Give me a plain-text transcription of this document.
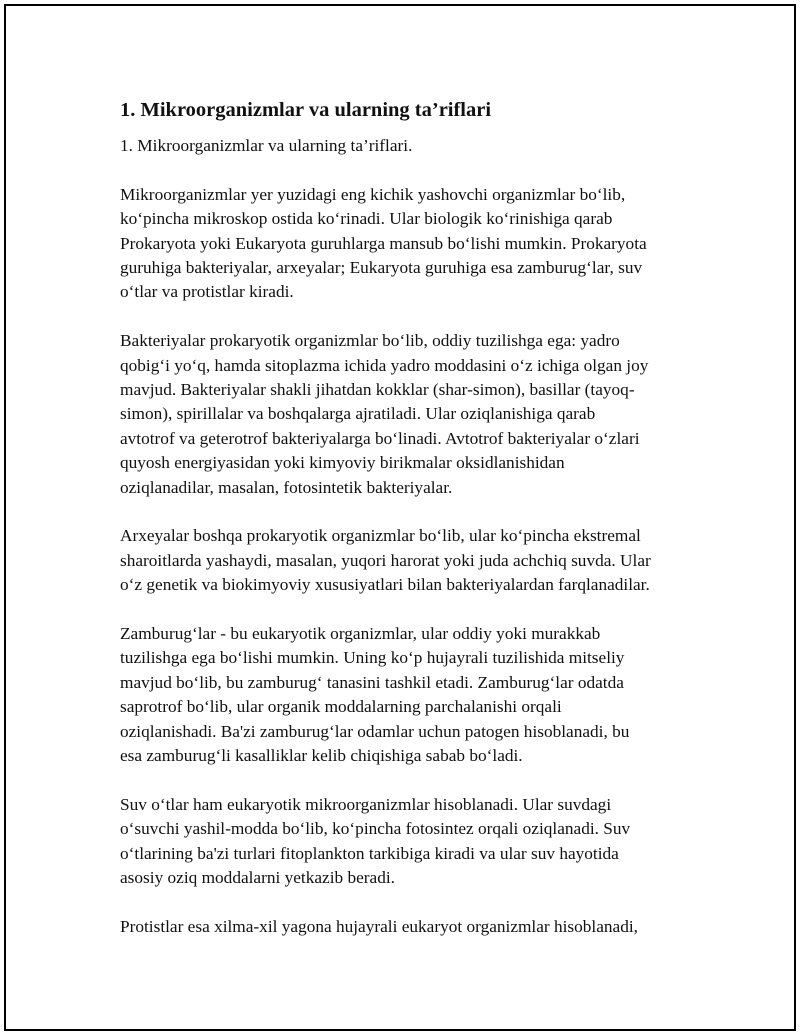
1. Mikroorganizmlar va ularning ta’riflari
1. Mikroorganizmlar va ularning ta’riflari.
Mikroorganizmlar yer yuzidagi eng kichik yashovchi organizmlar bo‘lib,
ko‘pincha mikroskop ostida ko‘rinadi. Ular biologik ko‘rinishiga qarab
Prokaryota yoki Eukaryota guruhlarga mansub bo‘lishi mumkin. Prokaryota
guruhiga bakteriyalar, arxeyalar; Eukaryota guruhiga esa zamburug‘lar, suv
o‘tlar va protistlar kiradi.
Bakteriyalar prokaryotik organizmlar bo‘lib, oddiy tuzilishga ega: yadro
qobig‘i yo‘q, hamda sitoplazma ichida yadro moddasini o‘z ichiga olgan joy
mavjud. Bakteriyalar shakli jihatdan kokklar (shar-simon), basillar (tayoq-
simon), spirillalar va boshqalarga ajratiladi. Ular oziqlanishiga qarab
avtotrof va geterotrof bakteriyalarga bo‘linadi. Avtotrof bakteriyalar o‘zlari
quyosh energiyasidan yoki kimyoviy birikmalar oksidlanishidan
oziqlanadilar, masalan, fotosintetik bakteriyalar.
Arxeyalar boshqa prokaryotik organizmlar bo‘lib, ular ko‘pincha ekstremal
sharoitlarda yashaydi, masalan, yuqori harorat yoki juda achchiq suvda. Ular
o‘z genetik va biokimyoviy xususiyatlari bilan bakteriyalardan farqlanadilar.
Zamburug‘lar - bu eukaryotik organizmlar, ular oddiy yoki murakkab
tuzilishga ega bo‘lishi mumkin. Uning ko‘p hujayrali tuzilishida mitseliy
mavjud bo‘lib, bu zamburug‘ tanasini tashkil etadi. Zamburug‘lar odatda
saprotrof bo‘lib, ular organik moddalarning parchalanishi orqali
oziqlanishadi. Ba'zi zamburug‘lar odamlar uchun patogen hisoblanadi, bu
esa zamburug‘li kasalliklar kelib chiqishiga sabab bo‘ladi.
Suv o‘tlar ham eukaryotik mikroorganizmlar hisoblanadi. Ular suvdagi
o‘suvchi yashil-modda bo‘lib, ko‘pincha fotosintez orqali oziqlanadi. Suv
o‘tlarining ba'zi turlari fitoplankton tarkibiga kiradi va ular suv hayotida
asosiy oziq moddalarni yetkazib beradi.
Protistlar esa xilma-xil yagona hujayrali eukaryot organizmlar hisoblanadi,
